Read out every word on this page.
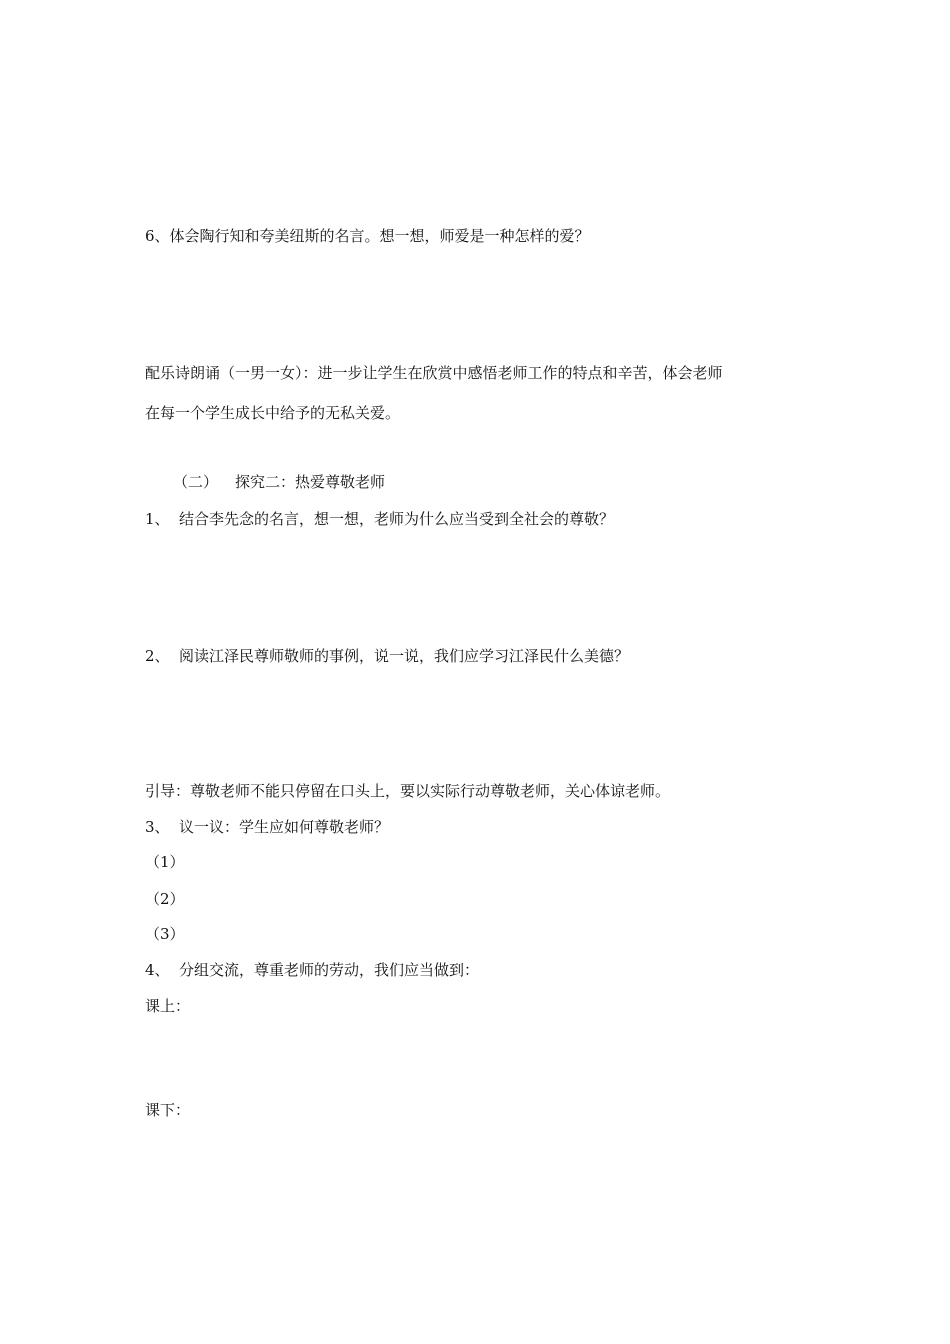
6、体会陶行知和夸美纽斯的名言。想一想，师爱是一种怎样的爱？
配乐诗朗诵（一男一女）：进一步让学生在欣赏中感悟老师工作的特点和辛苦，体会老师
在每一个学生成长中给予的无私关爱。
（二） 探究二：热爱尊敬老师
1、 结合李先念的名言，想一想，老师为什么应当受到全社会的尊敬？
2、 阅读江泽民尊师敬师的事例，说一说，我们应学习江泽民什么美德？
引导：尊敬老师不能只停留在口头上，要以实际行动尊敬老师，关心体谅老师。
3、 议一议：学生应如何尊敬老师？
（1）
（2）
（3）
4、 分组交流，尊重老师的劳动，我们应当做到：
课上：
课下：
